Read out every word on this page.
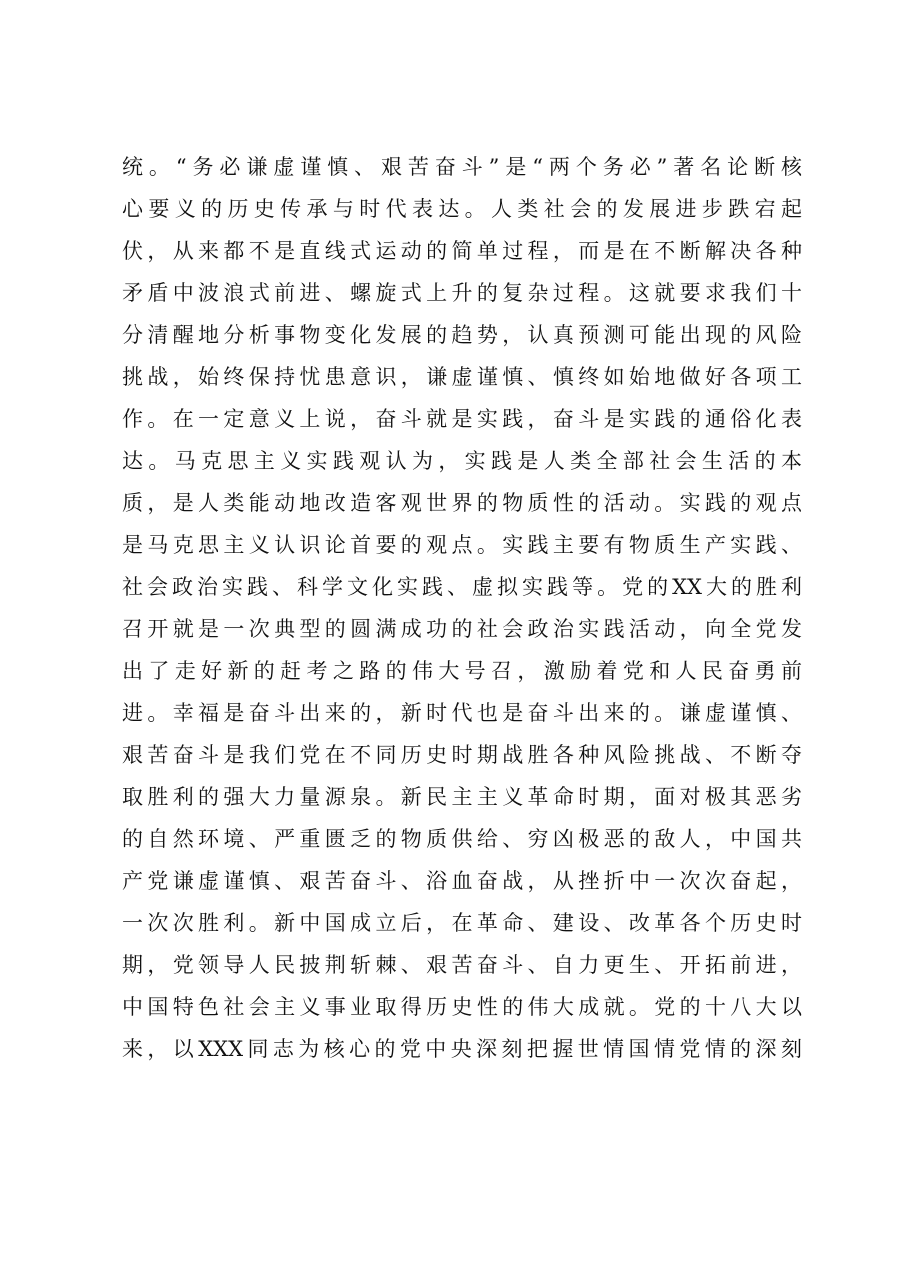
统。“务必谦虚谨慎、艰苦奋斗”是“两个务必”著名论断核
心要义的历史传承与时代表达。人类社会的发展进步跌宕起
伏，从来都不是直线式运动的简单过程，而是在不断解决各种
矛盾中波浪式前进、螺旋式上升的复杂过程。这就要求我们十
分清醒地分析事物变化发展的趋势，认真预测可能出现的风险
挑战，始终保持忧患意识，谦虚谨慎、慎终如始地做好各项工
作。在一定意义上说，奋斗就是实践，奋斗是实践的通俗化表
达。马克思主义实践观认为，实践是人类全部社会生活的本
质，是人类能动地改造客观世界的物质性的活动。实践的观点
是马克思主义认识论首要的观点。实践主要有物质生产实践、
社会政治实践、科学文化实践、虚拟实践等。党的XX大的胜利
召开就是一次典型的圆满成功的社会政治实践活动，向全党发
出了走好新的赶考之路的伟大号召，激励着党和人民奋勇前
进。幸福是奋斗出来的，新时代也是奋斗出来的。谦虚谨慎、
艰苦奋斗是我们党在不同历史时期战胜各种风险挑战、不断夺
取胜利的强大力量源泉。新民主主义革命时期，面对极其恶劣
的自然环境、严重匮乏的物质供给、穷凶极恶的敌人，中国共
产党谦虚谨慎、艰苦奋斗、浴血奋战，从挫折中一次次奋起，
一次次胜利。新中国成立后，在革命、建设、改革各个历史时
期，党领导人民披荆斩棘、艰苦奋斗、自力更生、开拓前进，
中国特色社会主义事业取得历史性的伟大成就。党的十八大以
来，以XXX同志为核心的党中央深刻把握世情国情党情的深刻
